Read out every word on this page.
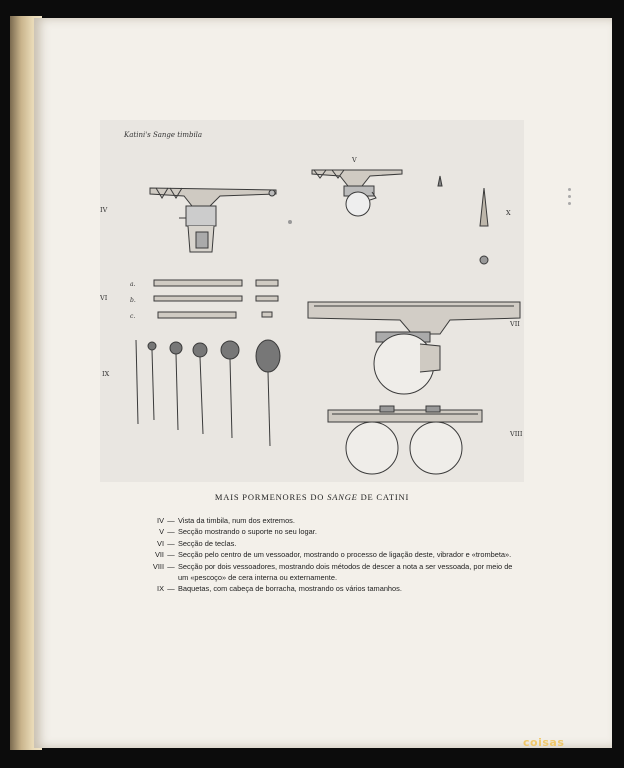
Katini's Sange timbila
IV
V
X
VI
a.
b.
c.
IX
VII
VIII
MAIS PORMENORES DO SANGE DE CATINI
IV — Vista da timbila, num dos extremos.
V — Secção mostrando o suporte no seu logar.
VI — Secção de teclas.
VII — Secção pelo centro de um vessoador, mostrando o processo de ligação deste, vibrador e «trombeta».
VIII — Secção por dois vessoadores, mostrando dois métodos de descer a nota a ser vessoada, por meio de um «pescoço» de cera interna ou externamente.
IX — Baquetas, com cabeça de borracha, mostrando os vários tamanhos.
coisas
